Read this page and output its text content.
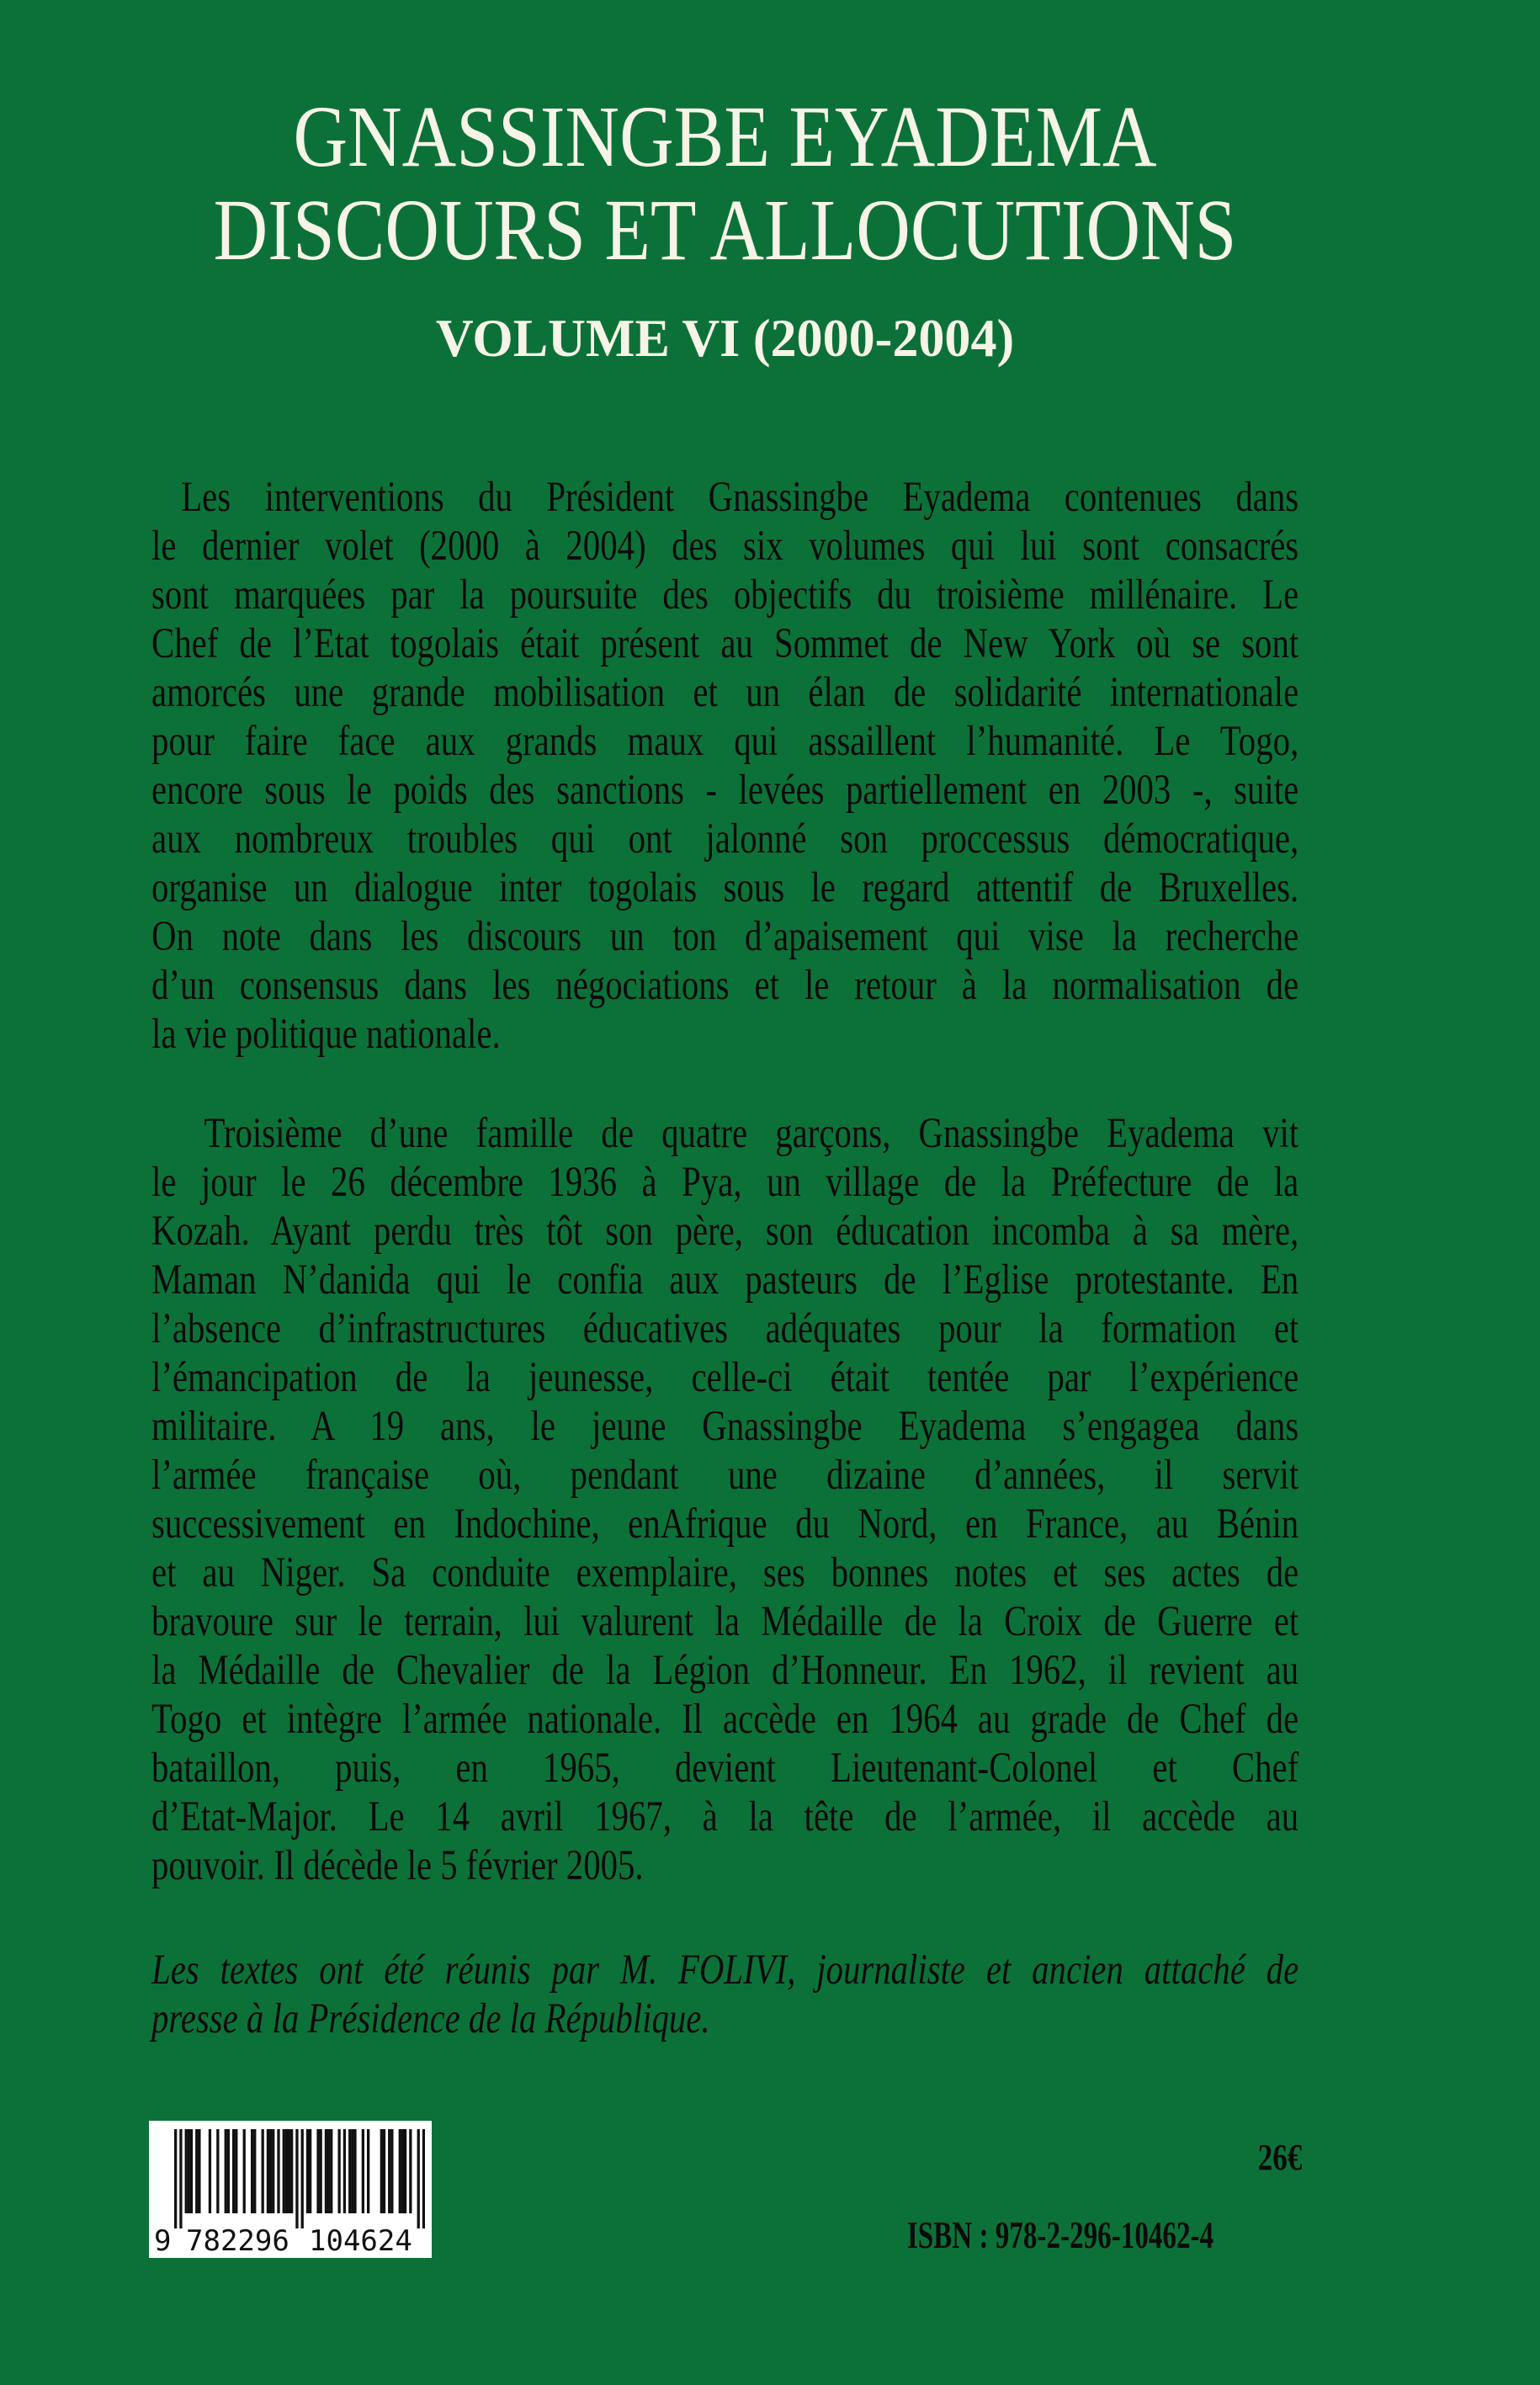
GNASSINGBE EYADEMA
DISCOURS ET ALLOCUTIONS
VOLUME VI (2000-2004)
Les interventions du Président Gnassingbe Eyadema contenues dans
le dernier volet (2000 à 2004) des six volumes qui lui sont consacrés
sont marquées par la poursuite des objectifs du troisième millénaire. Le
Chef de l’Etat togolais était présent au Sommet de New York où se sont
amorcés une grande mobilisation et un élan de solidarité internationale
pour faire face aux grands maux qui assaillent l’humanité. Le Togo,
encore sous le poids des sanctions - levées partiellement en 2003 -, suite
aux nombreux troubles qui ont jalonné son proccessus démocratique,
organise un dialogue inter togolais sous le regard attentif de Bruxelles.
On note dans les discours un ton d’apaisement qui vise la recherche
d’un consensus dans les négociations et le retour à la normalisation de
la vie politique nationale.
Troisième d’une famille de quatre garçons, Gnassingbe Eyadema vit
le jour le 26 décembre 1936 à Pya, un village de la Préfecture de la
Kozah. Ayant perdu très tôt son père, son éducation incomba à sa mère,
Maman N’danida qui le confia aux pasteurs de l’Eglise protestante. En
l’absence d’infrastructures éducatives adéquates pour la formation et
l’émancipation de la jeunesse, celle-ci était tentée par l’expérience
militaire. A 19 ans, le jeune Gnassingbe Eyadema s’engagea dans
l’armée française où, pendant une dizaine d’années, il servit
successivement en Indochine, enAfrique du Nord, en France, au Bénin
et au Niger. Sa conduite exemplaire, ses bonnes notes et ses actes de
bravoure sur le terrain, lui valurent la Médaille de la Croix de Guerre et
la Médaille de Chevalier de la Légion d’Honneur. En 1962, il revient au
Togo et intègre l’armée nationale. Il accède en 1964 au grade de Chef de
bataillon, puis, en 1965, devient Lieutenant-Colonel et Chef
d’Etat-Major. Le 14 avril 1967, à la tête de l’armée, il accède au
pouvoir. Il décède le 5 février 2005.
Les textes ont été réunis par M. FOLIVI, journaliste et ancien attaché de
presse à la Présidence de la République.
9 782296 104624
26€
ISBN : 978-2-296-10462-4
